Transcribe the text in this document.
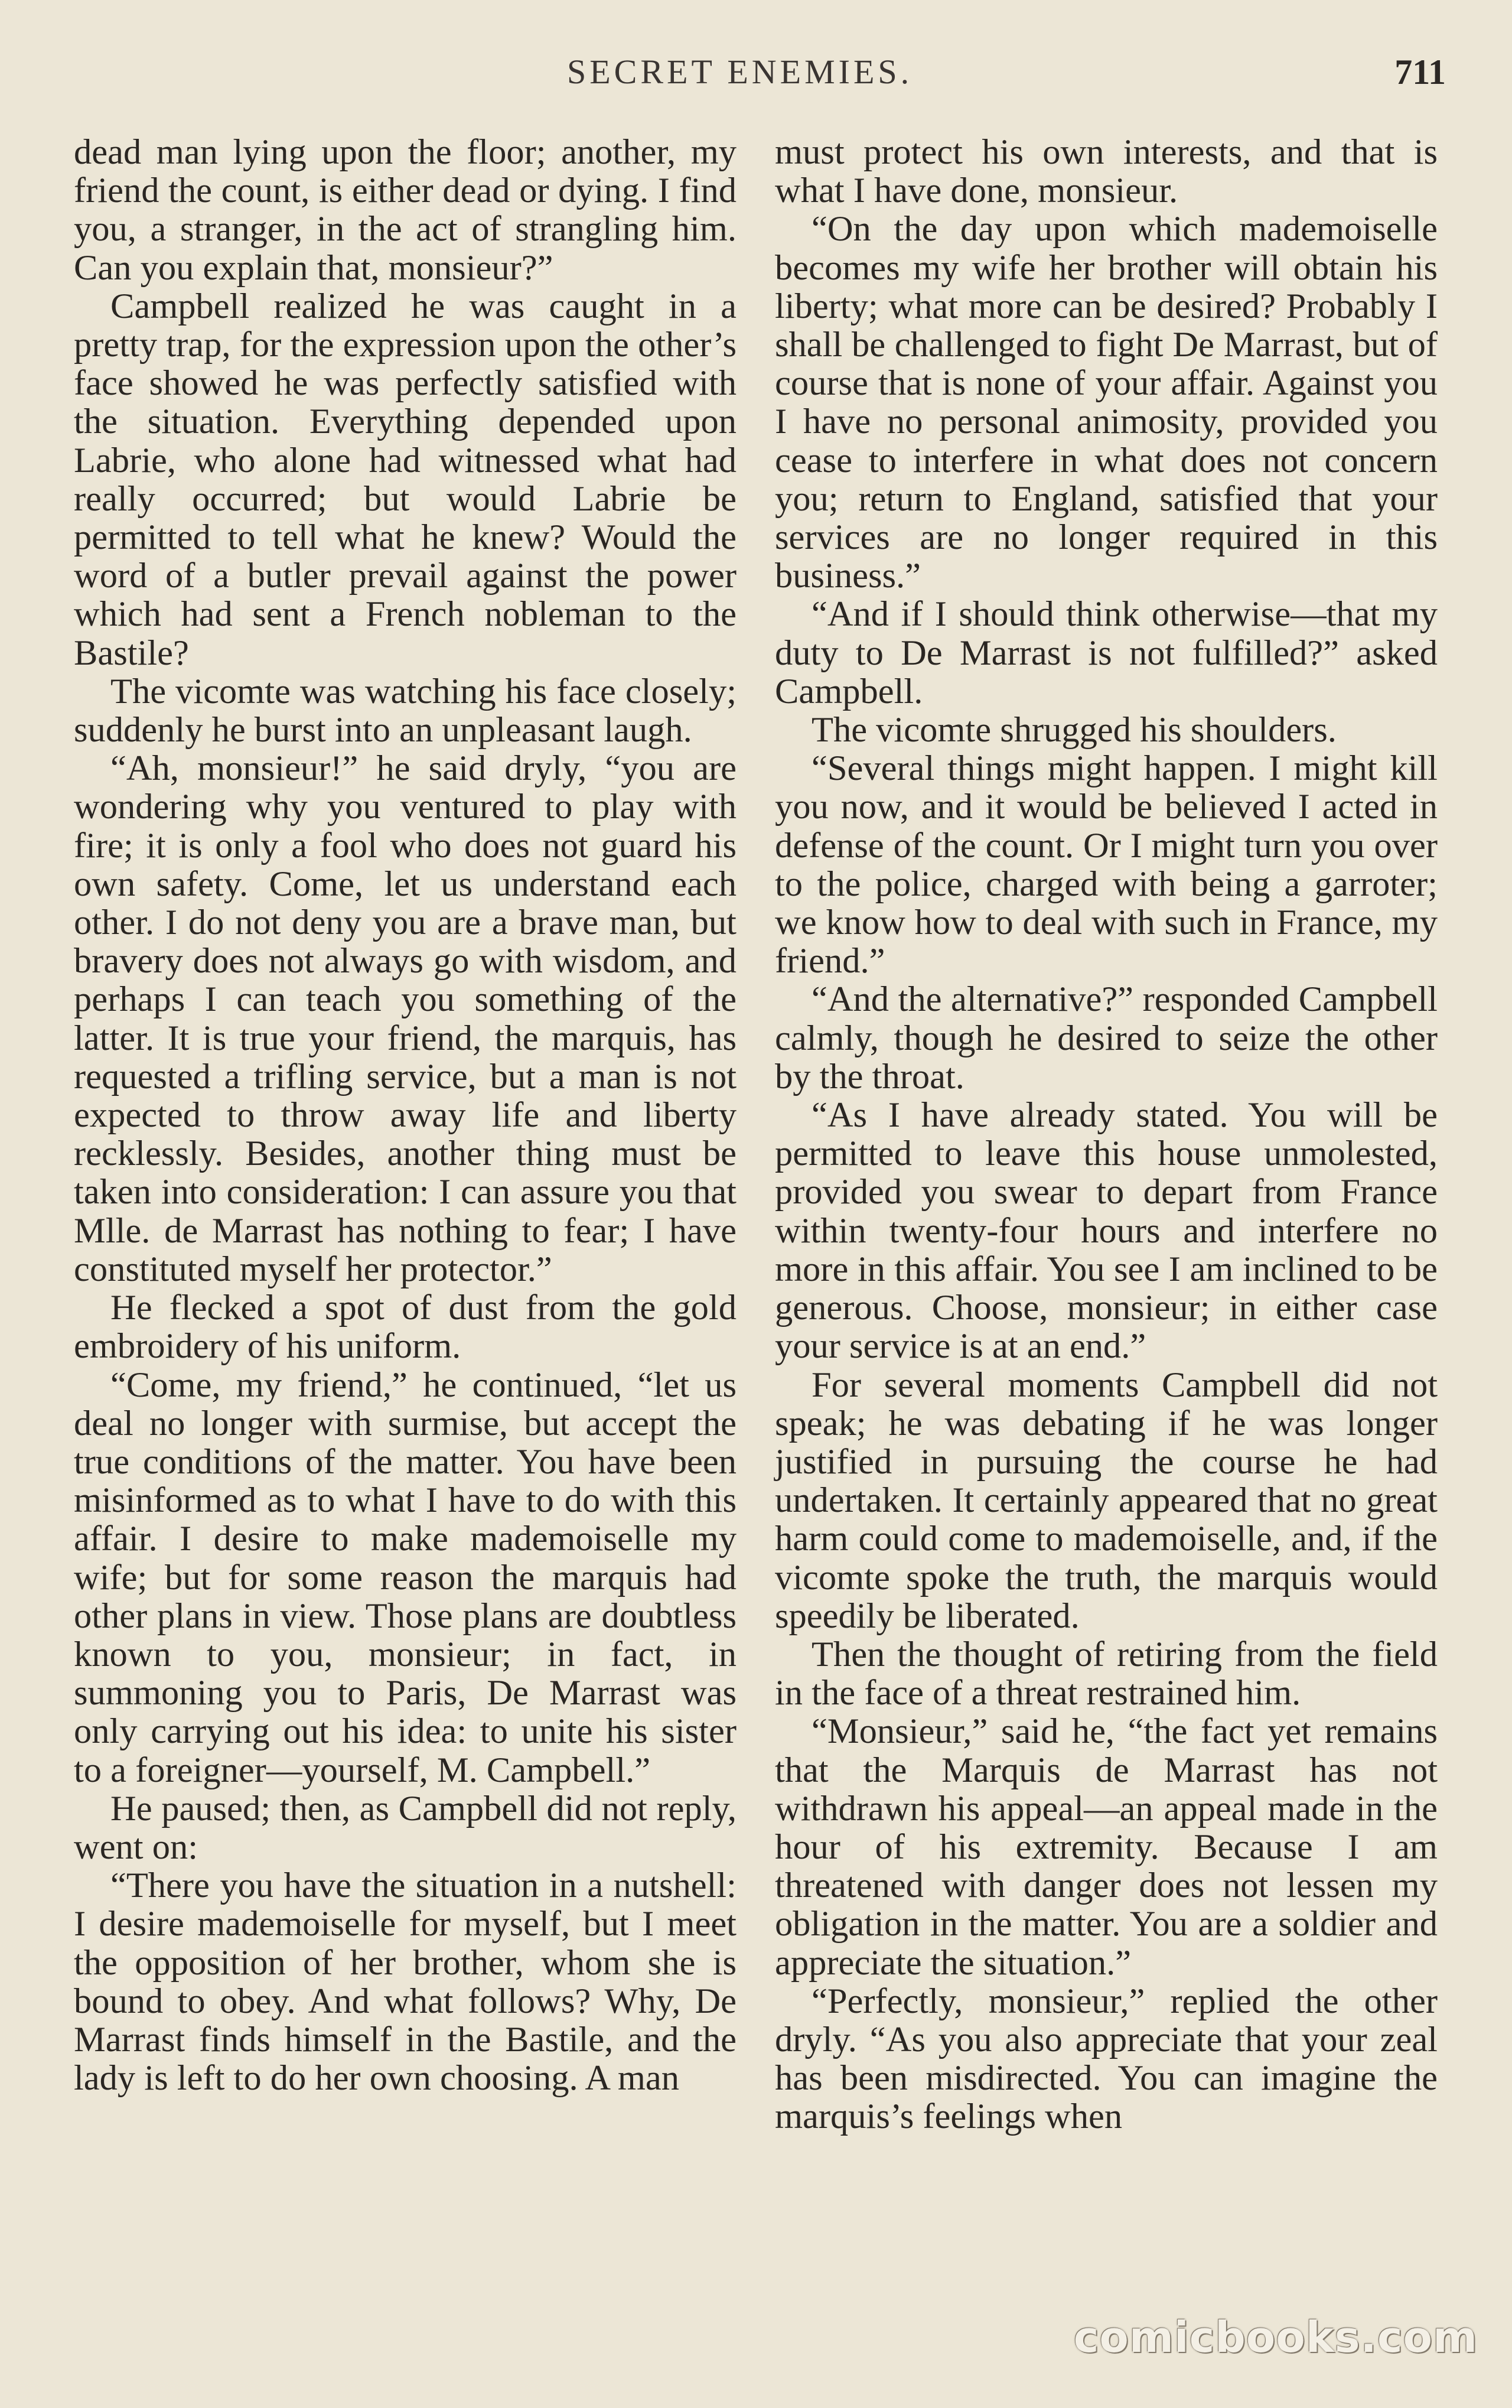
SECRET ENEMIES.	711

dead man lying upon the floor; another, my friend the count, is either dead or dying. I find you, a stranger, in the act of strangling him. Can you explain that, monsieur?”

Campbell realized he was caught in a pretty trap, for the expression upon the other’s face showed he was perfectly satisfied with the situation. Everything depended upon Labrie, who alone had witnessed what had really occurred; but would Labrie be permitted to tell what he knew? Would the word of a butler prevail against the power which had sent a French nobleman to the Bastile?

The vicomte was watching his face closely; suddenly he burst into an unpleasant laugh.

“Ah, monsieur!” he said dryly, “you are wondering why you ventured to play with fire; it is only a fool who does not guard his own safety. Come, let us understand each other. I do not deny you are a brave man, but bravery does not always go with wisdom, and perhaps I can teach you something of the latter. It is true your friend, the marquis, has requested a trifling service, but a man is not expected to throw away life and liberty recklessly. Besides, another thing must be taken into consideration: I can assure you that Mlle. de Marrast has nothing to fear; I have constituted myself her protector.”

He flecked a spot of dust from the gold embroidery of his uniform.

“Come, my friend,” he continued, “let us deal no longer with surmise, but accept the true conditions of the matter. You have been misinformed as to what I have to do with this affair. I desire to make mademoiselle my wife; but for some reason the marquis had other plans in view. Those plans are doubtless known to you, monsieur; in fact, in summoning you to Paris, De Marrast was only carrying out his idea: to unite his sister to a foreigner—yourself, M. Campbell.”

He paused; then, as Campbell did not reply, went on:

“There you have the situation in a nutshell: I desire mademoiselle for myself, but I meet the opposition of her brother, whom she is bound to obey. And what follows? Why, De Marrast finds himself in the Bastile, and the lady is left to do her own choosing. A man

must protect his own interests, and that is what I have done, monsieur.

“On the day upon which mademoiselle becomes my wife her brother will obtain his liberty; what more can be desired? Probably I shall be challenged to fight De Marrast, but of course that is none of your affair. Against you I have no personal animosity, provided you cease to interfere in what does not concern you; return to England, satisfied that your services are no longer required in this business.”

“And if I should think otherwise—that my duty to De Marrast is not fulfilled?” asked Campbell.

The vicomte shrugged his shoulders.

“Several things might happen. I might kill you now, and it would be believed I acted in defense of the count. Or I might turn you over to the police, charged with being a garroter; we know how to deal with such in France, my friend.”

“And the alternative?” responded Campbell calmly, though he desired to seize the other by the throat.

“As I have already stated. You will be permitted to leave this house unmolested, provided you swear to depart from France within twenty-four hours and interfere no more in this affair. You see I am inclined to be generous. Choose, monsieur; in either case your service is at an end.”

For several moments Campbell did not speak; he was debating if he was longer justified in pursuing the course he had undertaken. It certainly appeared that no great harm could come to mademoiselle, and, if the vicomte spoke the truth, the marquis would speedily be liberated.

Then the thought of retiring from the field in the face of a threat restrained him.

“Monsieur,” said he, “the fact yet remains that the Marquis de Marrast has not withdrawn his appeal—an appeal made in the hour of his extremity. Because I am threatened with danger does not lessen my obligation in the matter. You are a soldier and appreciate the situation.”

“Perfectly, monsieur,” replied the other dryly. “As you also appreciate that your zeal has been misdirected. You can imagine the marquis’s feelings when

comicbooks.com
